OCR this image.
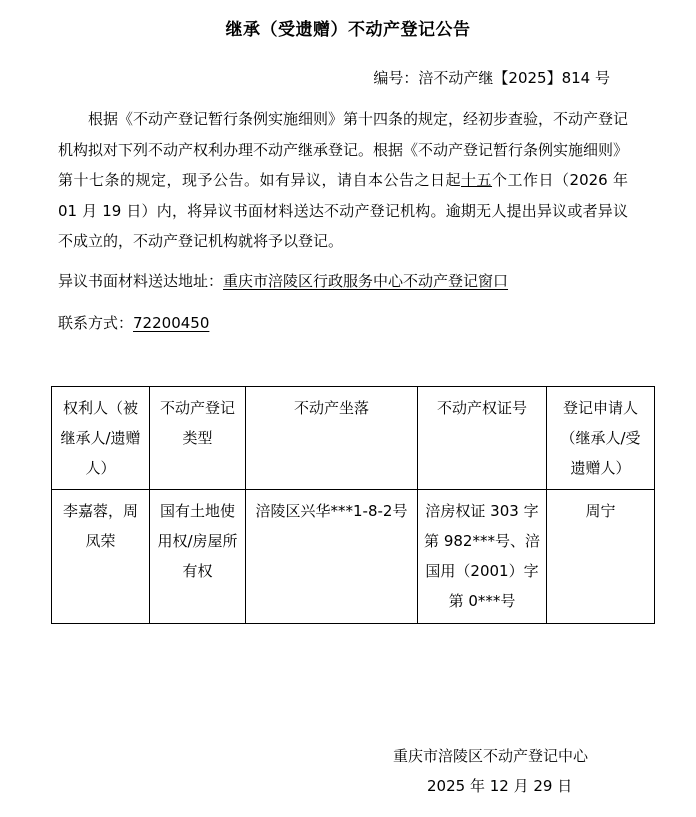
继承（受遗赠）不动产登记公告
编号：涪不动产继【2025】814 号
根据《不动产登记暂行条例实施细则》第十四条的规定，经初步查验，不动产登记机构拟对下列不动产权利办理不动产继承登记。根据《不动产登记暂行条例实施细则》第十七条的规定，现予公告。如有异议，请自本公告之日起十五个工作日（2026 年 01 月 19 日）内，将异议书面材料送达不动产登记机构。逾期无人提出异议或者异议不成立的，不动产登记机构就将予以登记。
异议书面材料送达地址：重庆市涪陵区行政服务中心不动产登记窗口
联系方式：72200450
权利人（被继承人/遗赠人）	不动产登记类型	不动产坐落	不动产权证号	登记申请人（继承人/受遗赠人）
李嘉蓉，周凤荣	国有土地使用权/房屋所有权	涪陵区兴华***1-8-2号	涪房权证 303 字第 982***号、涪国用（2001）字第 0***号	周宁
重庆市涪陵区不动产登记中心
2025 年 12 月 29 日
